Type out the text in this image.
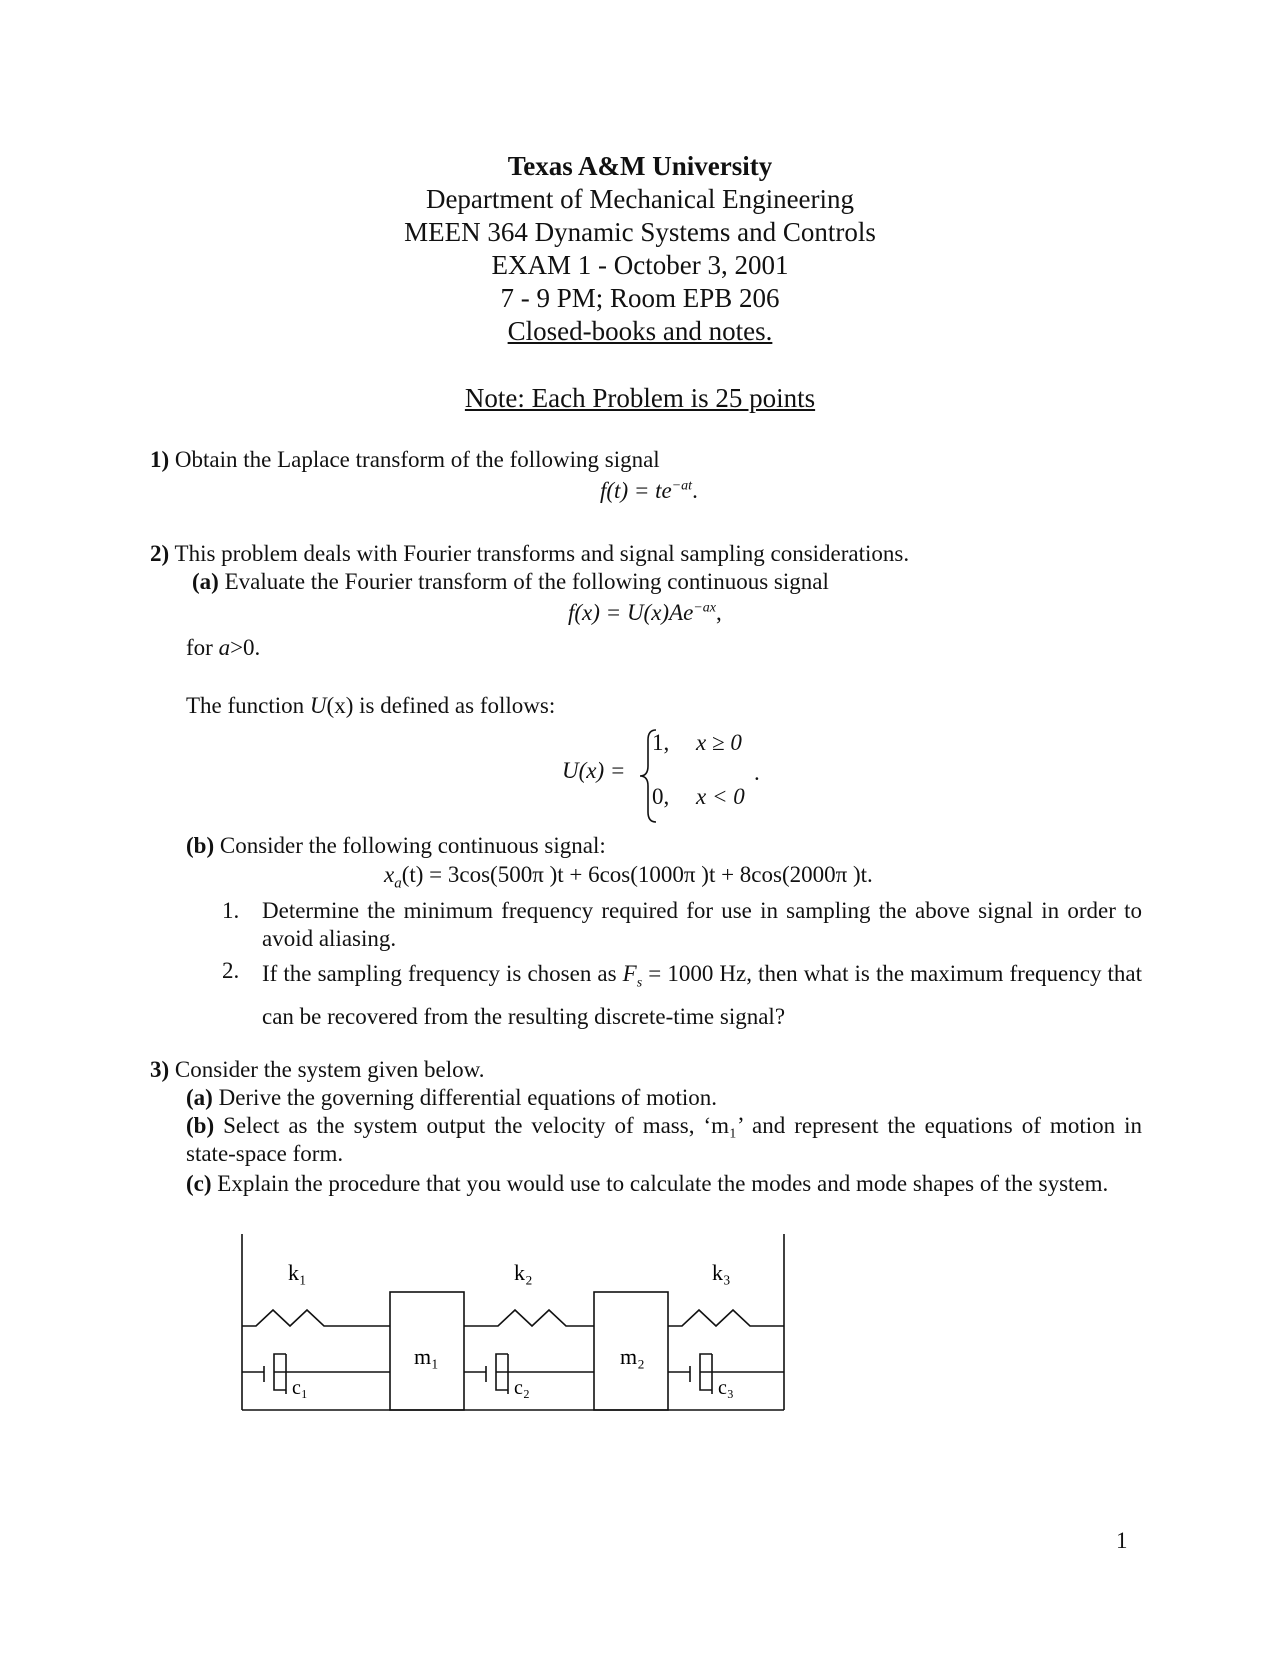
Texas A&M University
Department of Mechanical Engineering
MEEN 364 Dynamic Systems and Controls
EXAM 1 - October 3, 2001
7 - 9 PM; Room EPB 206
Closed-books and notes.
Note: Each Problem is 25 points
1) Obtain the Laplace transform of the following signal
$f(t) = te^{-at}$.
2) This problem deals with Fourier transforms and signal sampling considerations.
(a) Evaluate the Fourier transform of the following continuous signal
$f(x) = U(x)Ae^{-ax}$,
for a>0.
The function U(x) is defined as follows:
U(x) =
1, x ≥ 0
0, x < 0
.
(b) Consider the following continuous signal:
$x_a(t) = 3\cos(500\pi$ )t + 6cos(1000π )t + 8cos(2000π )t.
1. Determine the minimum frequency required for use in sampling the above signal in order to avoid aliasing.
2. If the sampling frequency is chosen as $F_s = 1000$ Hz, then what is the maximum frequency that can be recovered from the resulting discrete-time signal?
3) Consider the system given below.
(a) Derive the governing differential equations of motion.
(b) Select as the system output the velocity of mass, ‘m₁’ and represent the equations of motion in state-space form.
(c) Explain the procedure that you would use to calculate the modes and mode shapes of the system.
k₁	k₂	k₃
m₁	m₂
c₁	c₂	c₃
1
